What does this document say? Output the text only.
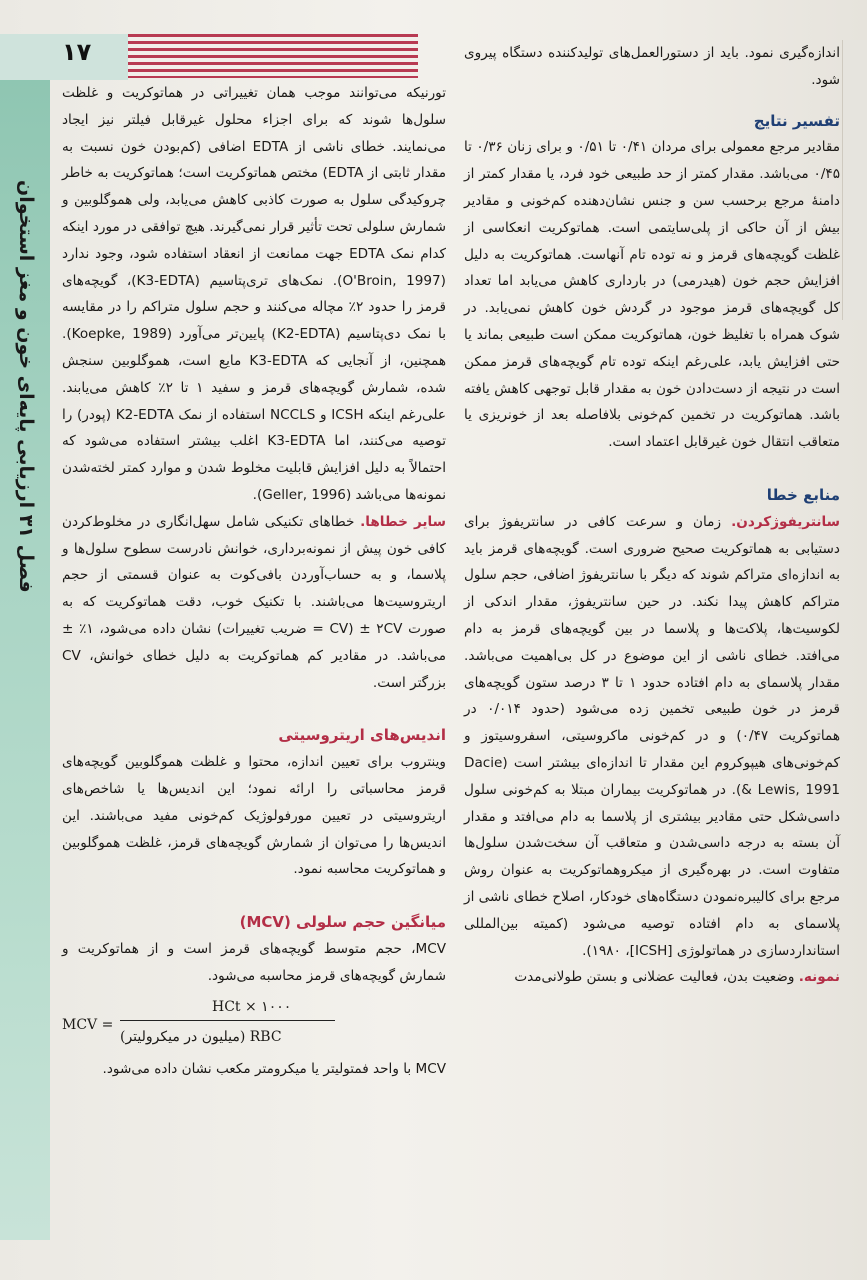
فصل ۳۱ ارزیابی پایه‌ای خون و مغز استخوان
۱۷	اندازه‌گیری نمود. باید از دستورالعمل‌های تولیدکننده دستگاه پیروی شود.

تفسیر نتایج

مقادیر مرجع معمولی برای مردان ۰/۴۱ تا ۰/۵۱ و برای زنان ۰/۳۶ تا ۰/۴۵ می‌باشد. مقدار کمتر از حد طبیعی خود فرد، یا مقدار کمتر از دامنهٔ مرجع برحسب سن و جنس نشان‌دهنده کم‌خونی و مقادیر بیش از آن حاکی از پلی‌سایتمی است. هماتوکریت انعکاسی از غلظت گویچه‌های قرمز و نه توده تام آنهاست. هماتوکریت به دلیل افزایش حجم خون (هیدرمی) در بارداری کاهش می‌یابد اما تعداد کل گویچه‌های قرمز موجود در گردش خون کاهش نمی‌یابد. در شوک همراه با تغلیظ خون، هماتوکریت ممکن است طبیعی بماند یا حتی افزایش یابد، علی‌رغم اینکه توده تام گویچه‌های قرمز ممکن است در نتیجه از دست‌دادن خون به مقدار قابل توجهی کاهش یافته باشد. هماتوکریت در تخمین کم‌خونی بلافاصله بعد از خونریزی یا متعاقب انتقال خون غیرقابل اعتماد است.

منابع خطا

سانتریفوژکردن. زمان و سرعت کافی در سانتریفوژ برای دستیابی به هماتوکریت صحیح ضروری است. گویچه‌های قرمز باید به اندازه‌ای متراکم شوند که دیگر با سانتریفوژ اضافی، حجم سلول متراکم کاهش پیدا نکند. در حین سانتریفوژ، مقدار اندکی از لکوسیت‌ها، پلاکت‌ها و پلاسما در بین گویچه‌های قرمز به دام می‌افتد. خطای ناشی از این موضوع در کل بی‌اهمیت می‌باشد. مقدار پلاسمای به دام افتاده حدود ۱ تا ۳ درصد ستون گویچه‌های قرمز در خون طبیعی تخمین زده می‌شود (حدود ۰/۰۱۴ در هماتوکریت ۰/۴۷) و در کم‌خونی ماکروسیتی، اسفروسیتوز و کم‌خونی‌های هیپوکروم این مقدار تا اندازه‌ای بیشتر است (Dacie & Lewis, 1991). در هماتوکریت بیماران مبتلا به کم‌خونی سلول داسی‌شکل حتی مقادیر بیشتری از پلاسما به دام می‌افتد و مقدار آن بسته به درجه داسی‌شدن و متعاقب آن سخت‌شدن سلول‌ها متفاوت است. در بهره‌گیری از میکروهماتوکریت به عنوان روش مرجع برای کالیبره‌نمودن دستگاه‌های خودکار، اصلاح خطای ناشی از پلاسمای به دام افتاده توصیه می‌شود (کمیته بین‌المللی استانداردسازی در هماتولوژی [ICSH]، ۱۹۸۰).

نمونه. وضعیت بدن، فعالیت عضلانی و بستن طولانی‌مدت

تورنیکه می‌توانند موجب همان تغییراتی در هماتوکریت و غلظت سلول‌ها شوند که برای اجزاء محلول غیرقابل فیلتر نیز ایجاد می‌نمایند. خطای ناشی از EDTA اضافی (کم‌بودن خون نسبت به مقدار ثابتی از EDTA) مختص هماتوکریت است؛ هماتوکریت به خاطر چروکیدگی سلول به صورت کاذبی کاهش می‌یابد، ولی هموگلوبین و شمارش سلولی تحت تأثیر قرار نمی‌گیرند. هیچ توافقی در مورد اینکه کدام نمک EDTA جهت ممانعت از انعقاد استفاده شود، وجود ندارد (O'Broin, 1997). نمک‌های تری‌پتاسیم (K3-EDTA)، گویچه‌های قرمز را حدود ۲٪ مچاله می‌کنند و حجم سلول متراکم را در مقایسه با نمک دی‌پتاسیم (K2-EDTA) پایین‌تر می‌آورد (Koepke, 1989). همچنین، از آنجایی که K3-EDTA مایع است، هموگلوبین سنجش شده، شمارش گویچه‌های قرمز و سفید ۱ تا ۲٪ کاهش می‌یابند. علی‌رغم اینکه ICSH و NCCLS استفاده از نمک K2-EDTA (پودر) را توصیه می‌کنند، اما K3-EDTA اغلب بیشتر استفاده می‌شود که احتمالاً به دلیل افزایش قابلیت مخلوط شدن و موارد کمتر لخته‌شدن نمونه‌ها می‌باشد (Geller, 1996).

سایر خطاها. خطاهای تکنیکی شامل سهل‌انگاری در مخلوط‌کردن کافی خون پیش از نمونه‌برداری، خوانش نادرست سطوح سلول‌ها و پلاسما، و به حساب‌آوردن بافی‌کوت به عنوان قسمتی از حجم اریتروسیت‌ها می‌باشند. با تکنیک خوب، دقت هماتوکریت که به صورت ۲CV ± (CV = ضریب تغییرات) نشان داده می‌شود، ۱٪ ± می‌باشد. در مقادیر کم هماتوکریت به دلیل خطای خوانش، CV بزرگتر است.

اندیس‌های اریتروسیتی

وینتروب برای تعیین اندازه، محتوا و غلظت هموگلوبین گویچه‌های قرمز محاسباتی را ارائه نمود؛ این اندیس‌ها یا شاخص‌های اریتروسیتی در تعیین مورفولوژیک کم‌خونی مفید می‌باشند. این اندیس‌ها را می‌توان از شمارش گویچه‌های قرمز، غلظت هموگلوبین و هماتوکریت محاسبه نمود.

میانگین حجم سلولی (MCV)

MCV، حجم متوسط گویچه‌های قرمز است و از هماتوکریت و شمارش گویچه‌های قرمز محاسبه می‌شود.

MCV =
HCt × ۱۰۰۰
RBC (میلیون در میکرولیتر)

MCV با واحد فمتولیتر یا میکرومتر مکعب نشان داده می‌شود.
